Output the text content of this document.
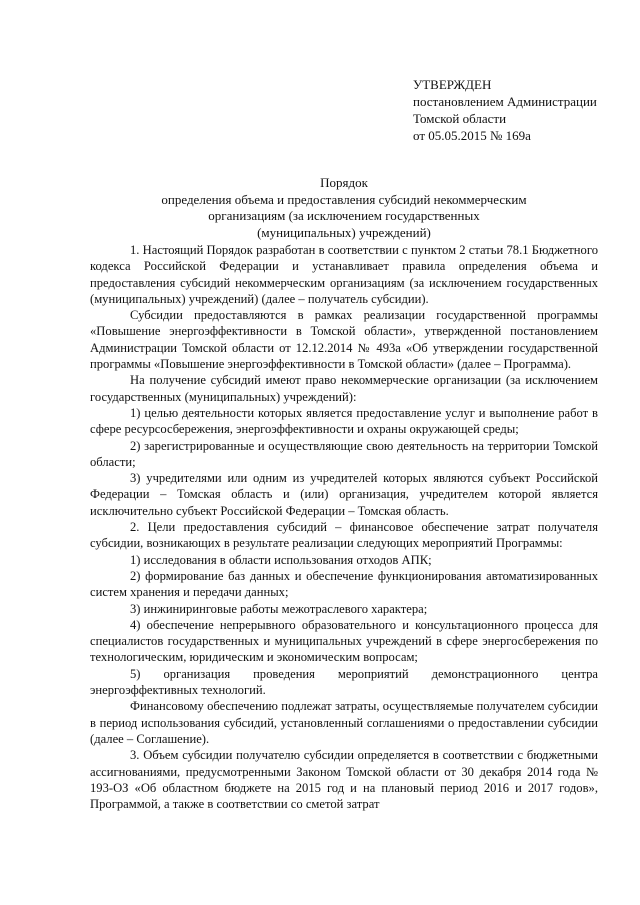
УТВЕРЖДЕН
постановлением Администрации
Томской области
от 05.05.2015 № 169а
Порядок
определения объема и предоставления субсидий некоммерческим
организациям (за исключением государственных
(муниципальных) учреждений)

1. Настоящий Порядок разработан в соответствии с пунктом 2 статьи 78.1 Бюджетного кодекса Российской Федерации и устанавливает правила определения объема и предоставления субсидий некоммерческим организациям (за исключением государственных (муниципальных) учреждений) (далее – получатель субсидии).

Субсидии предоставляются в рамках реализации государственной программы «Повышение энергоэффективности в Томской области», утвержденной постановлением Администрации Томской области от 12.12.2014 № 493а «Об утверждении государственной программы «Повышение энергоэффективности в Томской области» (далее – Программа).

На получение субсидий имеют право некоммерческие организации (за исключением государственных (муниципальных) учреждений):

1) целью деятельности которых является предоставление услуг и выполнение работ в сфере ресурсосбережения, энергоэффективности и охраны окружающей среды;

2) зарегистрированные и осуществляющие свою деятельность на территории Томской области;

3) учредителями или одним из учредителей которых являются субъект Российской Федерации – Томская область и (или) организация, учредителем которой является исключительно субъект Российской Федерации – Томская область.

2. Цели предоставления субсидий – финансовое обеспечение затрат получателя субсидии, возникающих в результате реализации следующих мероприятий Программы:

1) исследования в области использования отходов АПК;

2) формирование баз данных и обеспечение функционирования автоматизированных систем хранения и передачи данных;

3) инжиниринговые работы межотраслевого характера;

4) обеспечение непрерывного образовательного и консультационного процесса для специалистов государственных и муниципальных учреждений в сфере энергосбережения по технологическим, юридическим и экономическим вопросам;

5) организация проведения мероприятий демонстрационного центра энергоэффективных технологий.

Финансовому обеспечению подлежат затраты, осуществляемые получателем субсидии в период использования субсидий, установленный соглашениями о предоставлении субсидии (далее – Соглашение).

3. Объем субсидии получателю субсидии определяется в соответствии с бюджетными ассигнованиями, предусмотренными Законом Томской области от 30 декабря 2014 года № 193-ОЗ «Об областном бюджете на 2015 год и на плановый период 2016 и 2017 годов», Программой, а также в соответствии со сметой затрат
